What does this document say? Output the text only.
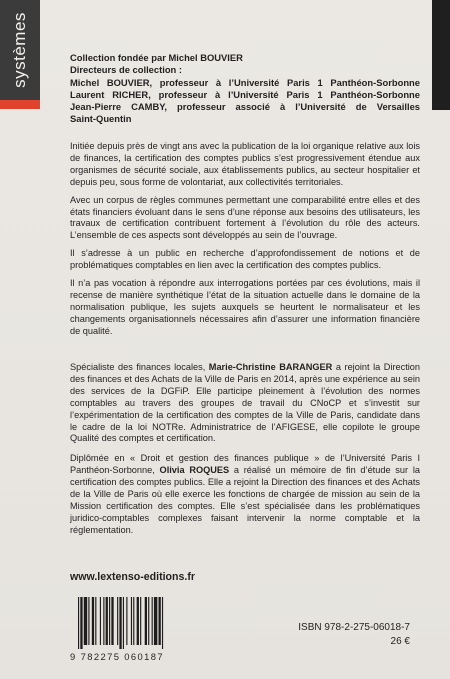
systèmes	Collection fondée par Michel BOUVIER
Directeurs de collection :
Michel BOUVIER, professeur à l’Université Paris 1 Panthéon-Sorbonne
Laurent RICHER, professeur à l’Université Paris 1 Panthéon-Sorbonne
Jean-Pierre CAMBY, professeur associé à l’Université de Versailles
Saint-Quentin

Initiée depuis près de vingt ans avec la publication de la loi organique relative aux lois de finances, la certification des comptes publics s’est progressivement étendue aux organismes de sécurité sociale, aux établissements publics, au secteur hospitalier et depuis peu, sous forme de volontariat, aux collectivités territoriales.

Avec un corpus de règles communes permettant une comparabilité entre elles et des états financiers évoluant dans le sens d’une réponse aux besoins des utilisateurs, les travaux de certification contribuent fortement à l’évolution du rôle des acteurs. L’ensemble de ces aspects sont développés au sein de l’ouvrage.

Il s’adresse à un public en recherche d’approfondissement de notions et de problématiques comptables en lien avec la certification des comptes publics.

Il n’a pas vocation à répondre aux interrogations portées par ces évolutions, mais il recense de manière synthétique l’état de la situation actuelle dans le domaine de la normalisation publique, les sujets auxquels se heurtent le normalisateur et les changements organisationnels nécessaires afin d’assurer une information financière de qualité.

Spécialiste des finances locales, Marie-Christine BARANGER a rejoint la Direction des finances et des Achats de la Ville de Paris en 2014, après une expérience au sein des services de la DGFiP. Elle participe pleinement à l’évolution des normes comptables au travers des groupes de travail du CNoCP et s’investit sur l’expérimentation de la certification des comptes de la Ville de Paris, candidate dans le cadre de la loi NOTRe. Administratrice de l’AFIGESE, elle copilote le groupe Qualité des comptes et certification.

Diplômée en « Droit et gestion des finances publique » de l’Université Paris I Panthéon-Sorbonne, Olivia ROQUES a réalisé un mémoire de fin d’étude sur la certification des comptes publics. Elle a rejoint la Direction des finances et des Achats de la Ville de Paris où elle exerce les fonctions de chargée de mission au sein de la Mission certification des comptes. Elle s’est spécialisée dans les problématiques juridico-comptables complexes faisant intervenir la norme comptable et la réglementation.

www.lextenso-editions.fr
9 782275 060187
ISBN 978-2-275-06018-7
26 €
